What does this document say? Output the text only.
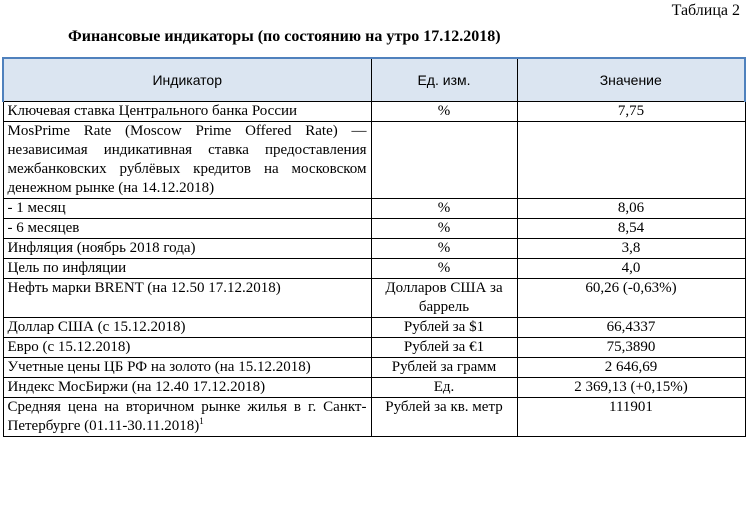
Таблица 2
Финансовые индикаторы (по состоянию на утро 17.12.2018)
Индикатор	Ед. изм.	Значение
Ключевая ставка Центрального банка России	%	7,75
MosPrime Rate (Moscow Prime Offered Rate) — независимая индикативная ставка предоставления межбанковских рублёвых кредитов на московском денежном рынке (на 14.12.2018)		
- 1 месяц	%	8,06
- 6 месяцев	%	8,54
Инфляция (ноябрь 2018 года)	%	3,8
Цель по инфляции	%	4,0
Нефть марки BRENT (на 12.50 17.12.2018)	Долларов США за баррель	60,26 (-0,63%)
Доллар США (с 15.12.2018)	Рублей за $1	66,4337
Евро (с 15.12.2018)	Рублей за €1	75,3890
Учетные цены ЦБ РФ на золото (на 15.12.2018)	Рублей за грамм	2 646,69
Индекс МосБиржи (на 12.40 17.12.2018)	Ед.	2 369,13 (+0,15%)
Средняя цена на вторичном рынке жилья в г. Санкт-Петербурге $(01.11-30.11.2018)^1$	Рублей за кв. метр	111901
